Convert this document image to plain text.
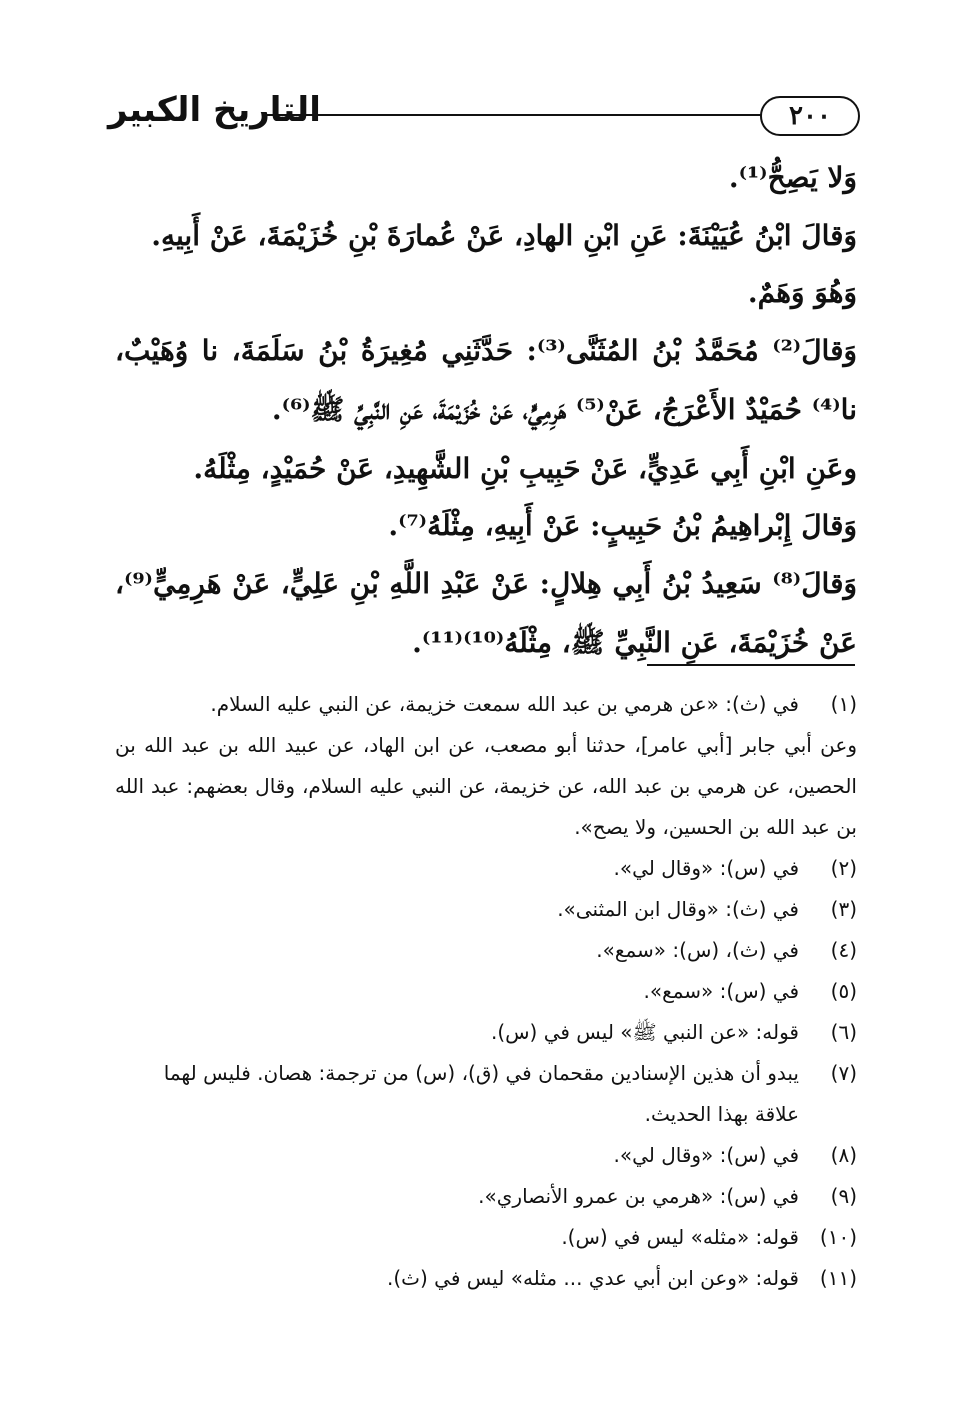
٢٠٠
التاريخ الكبير

وَلا يَصِحُّ⁽¹⁾.

وَقالَ ابْنُ عُيَيْنَةَ: عَنِ ابْنِ الهادِ، عَنْ عُمارَةَ بْنِ خُزَيْمَةَ، عَنْ أَبِيهِ.

وَهُوَ وَهَمٌ.

وَقالَ⁽²⁾ مُحَمَّدُ بْنُ المُثَنَّى⁽³⁾: حَدَّثَنِي مُغِيرَةُ بْنُ سَلَمَةَ، نا وُهَيْبٌ، نا⁽⁴⁾ حُمَيْدٌ الأَعْرَجُ، عَنْ⁽⁵⁾ هَرِمِيٍّ، عَنْ خُزَيْمَةَ، عَنِ النَّبِيِّ ﷺ⁽⁶⁾.

وعَنِ ابْنِ أَبِي عَدِيٍّ، عَنْ حَبِيبِ بْنِ الشَّهِيدِ، عَنْ حُمَيْدٍ، مِثْلَهُ.

وَقالَ إِبْراهِيمُ بْنُ حَبِيبٍ: عَنْ أَبِيهِ، مِثْلَهُ⁽⁷⁾.

وَقالَ⁽⁸⁾ سَعِيدُ بْنُ أَبِي هِلالٍ: عَنْ عَبْدِ اللَّهِ بْنِ عَلِيٍّ، عَنْ هَرِمِيٍّ⁽⁹⁾، عَنْ خُزَيْمَةَ، عَنِ النَّبِيِّ ﷺ، مِثْلَهُ⁽¹⁰⁾⁽¹¹⁾.

(١)
في (ث): «عن هرمي بن عبد الله سمعت خزيمة، عن النبي عليه السلام.
وعن أبي جابر [أبي عامر]، حدثنا أبو مصعب، عن ابن الهاد، عن عبيد الله بن عبد الله بن الحصين، عن هرمي بن عبد الله، عن خزيمة، عن النبي عليه السلام، وقال بعضهم: عبد الله بن عبد الله بن الحسين، ولا يصح».
(٢)
في (س): «وقال لي».
(٣)
في (ث): «وقال ابن المثنى».
(٤)
في (ث)، (س): «سمع».
(٥)
في (س): «سمع».
(٦)
قوله: «عن النبي ﷺ» ليس في (س).
(٧)
يبدو أن هذين الإسنادين مقحمان في (ق)، (س) من ترجمة: هصان. فليس لهما علاقة بهذا الحديث.
(٨)
في (س): «وقال لي».
(٩)
في (س): «هرمي بن عمرو الأنصاري».
(١٠)
قوله: «مثله» ليس في (س).
(١١)
قوله: «وعن ابن أبي عدي ... مثله» ليس في (ث).
